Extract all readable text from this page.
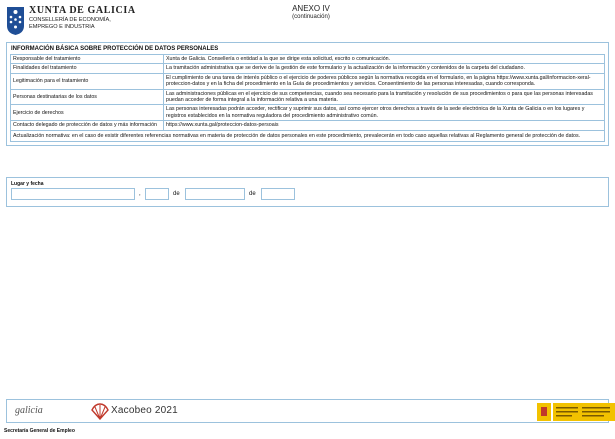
XUNTA DE GALICIA
CONSELLERÍA DE ECONOMÍA,
EMPREGO E INDUSTRIA
ANEXO IV
(continuación)
INFORMACIÓN BÁSICA SOBRE PROTECCIÓN DE DATOS PERSONALES
Responsable del tratamiento	Xunta de Galicia. Consellería o entidad a la que se dirige esta solicitud, escrito o comunicación.
Finalidades del tratamiento	La tramitación administrativa que se derive de la gestión de este formulario y la actualización de la información y contenidos de la carpeta del ciudadano.
Legitimación para el tratamiento	El cumplimiento de una tarea de interés público o el ejercicio de poderes públicos según la normativa recogida en el formulario, en la página https://www.xunta.gal/informacion-xeral-proteccion-datos y en la ficha del procedimiento en la Guía de procedimientos y servicios. Consentimiento de las personas interesadas, cuando corresponda.
Personas destinatarias de los datos	Las administraciones públicas en el ejercicio de sus competencias, cuando sea necesario para la tramitación y resolución de sus procedimientos o para que las personas interesadas puedan acceder de forma integral a la información relativa a una materia.
Ejercicio de derechos	Las personas interesadas podrán acceder, rectificar y suprimir sus datos, así como ejercer otros derechos a través de la sede electrónica de la Xunta de Galicia o en los lugares y registros establecidos en la normativa reguladora del procedimiento administrativo común.
Contacto delegado de protección de datos y más información	https://www.xunta.gal/proteccion-datos-persoais
Actualización normativa: en el caso de existir diferentes referencias normativas en materia de protección de datos personales en este procedimiento, prevalecerán en todo caso aquellas relativas al Reglamento general de protección de datos.	
Lugar y fecha
,	de	de
galicia	Xacobeo 2021
Secretaría General de Empleo
